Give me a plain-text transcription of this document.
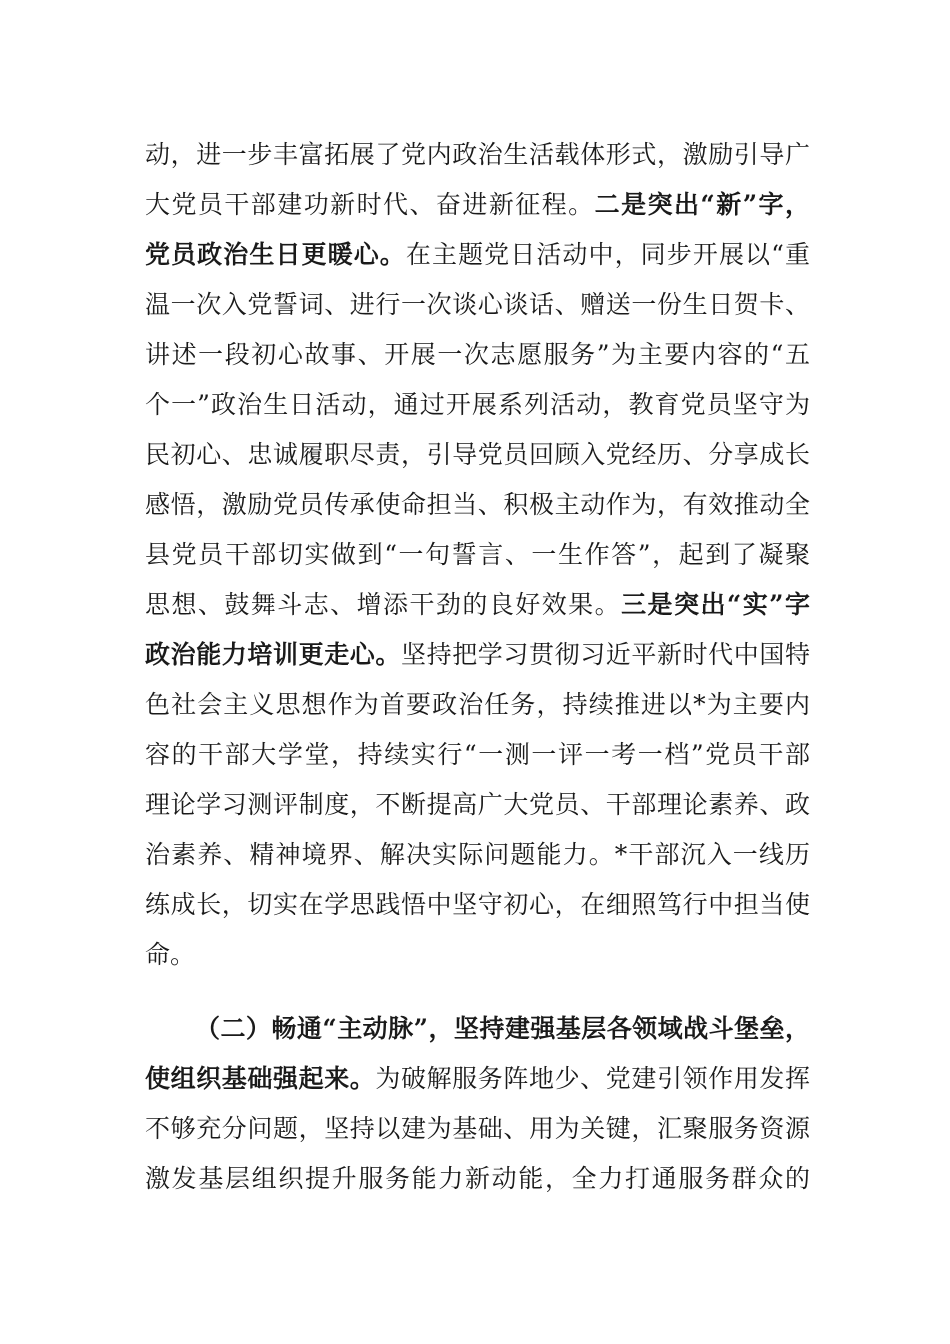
动，进一步丰富拓展了党内政治生活载体形式，激励引导广
大党员干部建功新时代、奋进新征程。二是突出“新”字，
党员政治生日更暖心。在主题党日活动中，同步开展以“重
温一次入党誓词、进行一次谈心谈话、赠送一份生日贺卡、
讲述一段初心故事、开展一次志愿服务”为主要内容的“五
个一”政治生日活动，通过开展系列活动，教育党员坚守为
民初心、忠诚履职尽责，引导党员回顾入党经历、分享成长
感悟，激励党员传承使命担当、积极主动作为，有效推动全
县党员干部切实做到“一句誓言、一生作答”，起到了凝聚
思想、鼓舞斗志、增添干劲的良好效果。三是突出“实”字
政治能力培训更走心。坚持把学习贯彻习近平新时代中国特
色社会主义思想作为首要政治任务，持续推进以*为主要内
容的干部大学堂，持续实行“一测一评一考一档”党员干部
理论学习测评制度，不断提高广大党员、干部理论素养、政
治素养、精神境界、解决实际问题能力。*干部沉入一线历
练成长，切实在学思践悟中坚守初心，在细照笃行中担当使
命。
（二）畅通“主动脉”，坚持建强基层各领域战斗堡垒，
使组织基础强起来。为破解服务阵地少、党建引领作用发挥
不够充分问题，坚持以建为基础、用为关键，汇聚服务资源
激发基层组织提升服务能力新动能，全力打通服务群众的
